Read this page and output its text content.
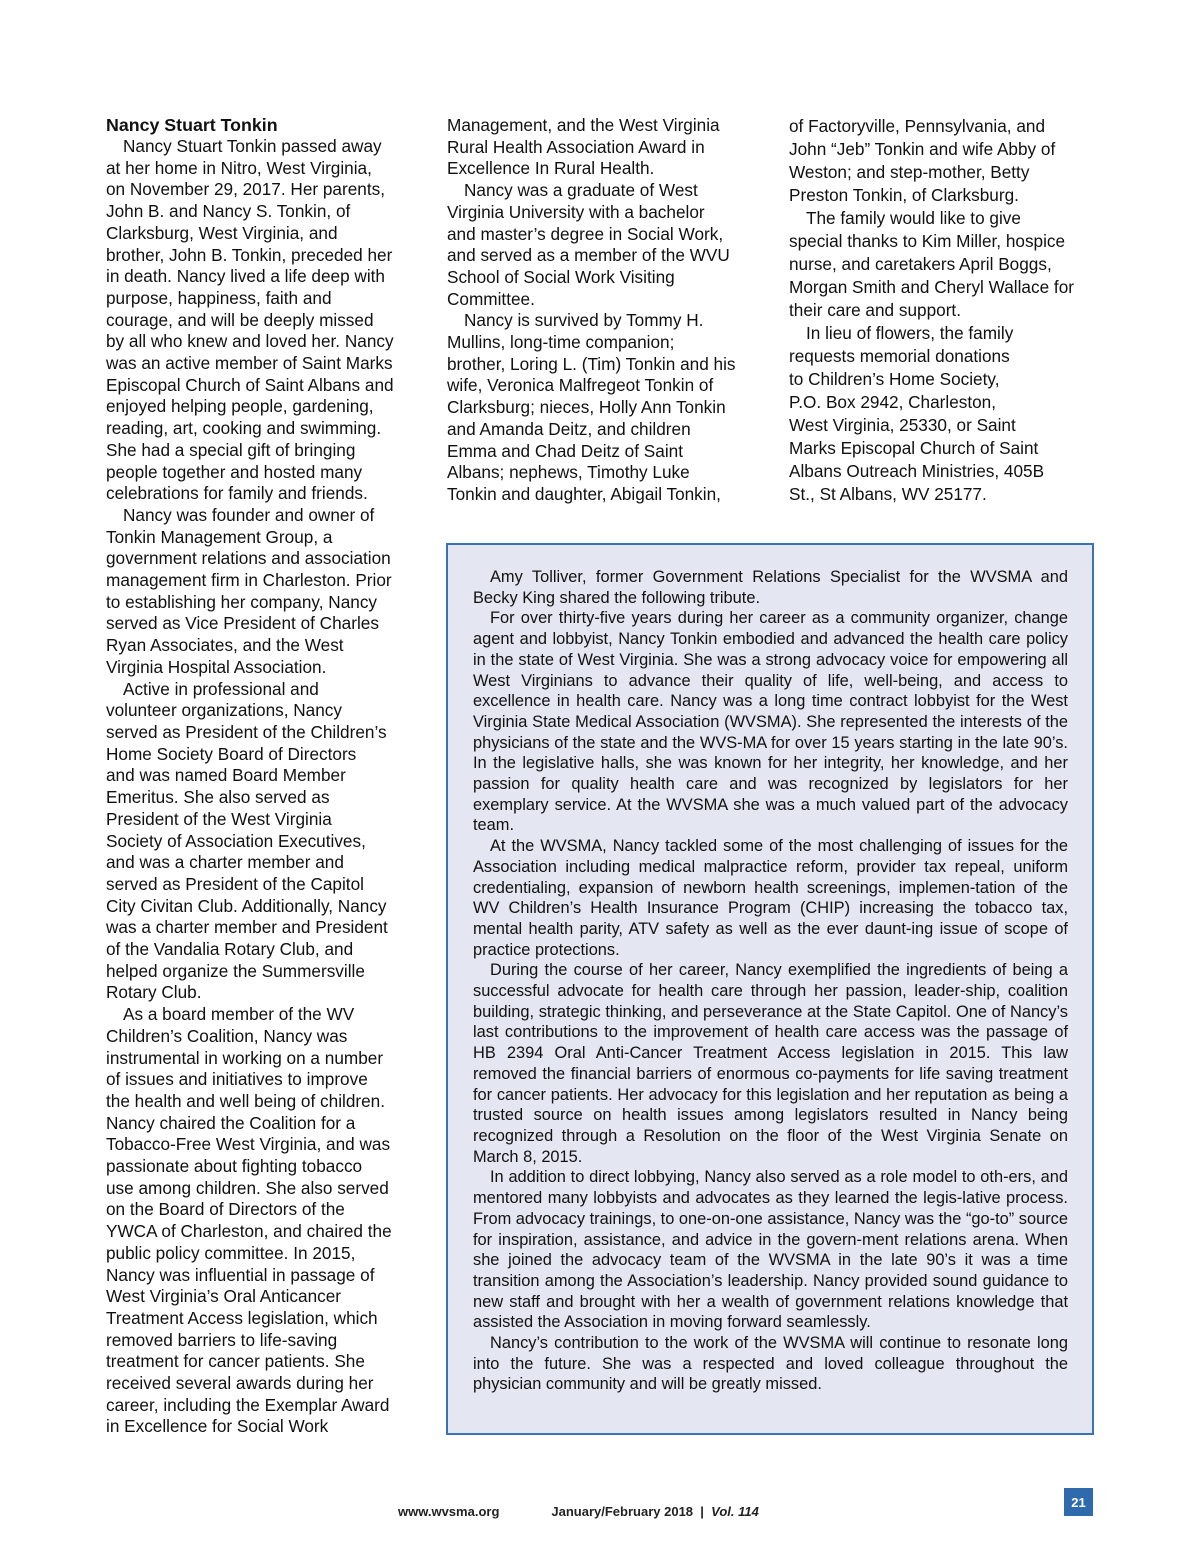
Nancy Stuart Tonkin

Nancy Stuart Tonkin passed away
at her home in Nitro, West Virginia,
on November 29, 2017. Her parents,
John B. and Nancy S. Tonkin, of
Clarksburg, West Virginia, and
brother, John B. Tonkin, preceded her
in death. Nancy lived a life deep with
purpose, happiness, faith and
courage, and will be deeply missed
by all who knew and loved her. Nancy
was an active member of Saint Marks
Episcopal Church of Saint Albans and
enjoyed helping people, gardening,
reading, art, cooking and swimming.
She had a special gift of bringing
people together and hosted many
celebrations for family and friends.

Nancy was founder and owner of
Tonkin Management Group, a
government relations and association
management firm in Charleston. Prior
to establishing her company, Nancy
served as Vice President of Charles
Ryan Associates, and the West
Virginia Hospital Association.

Active in professional and
volunteer organizations, Nancy
served as President of the Children’s
Home Society Board of Directors
and was named Board Member
Emeritus. She also served as
President of the West Virginia
Society of Association Executives,
and was a charter member and
served as President of the Capitol
City Civitan Club. Additionally, Nancy
was a charter member and President
of the Vandalia Rotary Club, and
helped organize the Summersville
Rotary Club.

As a board member of the WV
Children’s Coalition, Nancy was
instrumental in working on a number
of issues and initiatives to improve
the health and well being of children.
Nancy chaired the Coalition for a
Tobacco-Free West Virginia, and was
passionate about fighting tobacco
use among children. She also served
on the Board of Directors of the
YWCA of Charleston, and chaired the
public policy committee. In 2015,
Nancy was influential in passage of
West Virginia’s Oral Anticancer
Treatment Access legislation, which
removed barriers to life-saving
treatment for cancer patients. She
received several awards during her
career, including the Exemplar Award
in Excellence for Social Work

Management, and the West Virginia
Rural Health Association Award in
Excellence In Rural Health.

Nancy was a graduate of West
Virginia University with a bachelor
and master’s degree in Social Work,
and served as a member of the WVU
School of Social Work Visiting
Committee.

Nancy is survived by Tommy H.
Mullins, long-time companion;
brother, Loring L. (Tim) Tonkin and his
wife, Veronica Malfregeot Tonkin of
Clarksburg; nieces, Holly Ann Tonkin
and Amanda Deitz, and children
Emma and Chad Deitz of Saint
Albans; nephews, Timothy Luke
Tonkin and daughter, Abigail Tonkin,

of Factoryville, Pennsylvania, and
John “Jeb” Tonkin and wife Abby of
Weston; and step-mother, Betty
Preston Tonkin, of Clarksburg.

The family would like to give
special thanks to Kim Miller, hospice
nurse, and caretakers April Boggs,
Morgan Smith and Cheryl Wallace for
their care and support.

In lieu of flowers, the family
requests memorial donations
to Children’s Home Society,
P.O. Box 2942, Charleston,
West Virginia, 25330, or Saint
Marks Episcopal Church of Saint
Albans Outreach Ministries, 405B
St., St Albans, WV 25177.

Amy Tolliver, former Government Relations Specialist for the WVSMA and Becky King shared the following tribute.

For over thirty-five years during her career as a community organizer, change agent and lobbyist, Nancy Tonkin embodied and advanced the health care policy in the state of West Virginia. She was a strong advocacy voice for empowering all West Virginians to advance their quality of life, well-being, and access to excellence in health care. Nancy was a long time contract lobbyist for the West Virginia State Medical Association (WVSMA). She represented the interests of the physicians of the state and the WVS-MA for over 15 years starting in the late 90’s. In the legislative halls, she was known for her integrity, her knowledge, and her passion for quality health care and was recognized by legislators for her exemplary service. At the WVSMA she was a much valued part of the advocacy team.

At the WVSMA, Nancy tackled some of the most challenging of issues for the Association including medical malpractice reform, provider tax repeal, uniform credentialing, expansion of newborn health screenings, implemen-tation of the WV Children’s Health Insurance Program (CHIP) increasing the tobacco tax, mental health parity, ATV safety as well as the ever daunt-ing issue of scope of practice protections.

During the course of her career, Nancy exemplified the ingredients of being a successful advocate for health care through her passion, leader-ship, coalition building, strategic thinking, and perseverance at the State Capitol. One of Nancy’s last contributions to the improvement of health care access was the passage of HB 2394 Oral Anti-Cancer Treatment Access legislation in 2015. This law removed the financial barriers of enormous co-payments for life saving treatment for cancer patients. Her advocacy for this legislation and her reputation as being a trusted source on health issues among legislators resulted in Nancy being recognized through a Resolution on the floor of the West Virginia Senate on March 8, 2015.

In addition to direct lobbying, Nancy also served as a role model to oth-ers, and mentored many lobbyists and advocates as they learned the legis-lative process. From advocacy trainings, to one-on-one assistance, Nancy was the “go-to” source for inspiration, assistance, and advice in the govern-ment relations arena. When she joined the advocacy team of the WVSMA in the late 90’s it was a time transition among the Association’s leadership. Nancy provided sound guidance to new staff and brought with her a wealth of government relations knowledge that assisted the Association in moving forward seamlessly.

Nancy’s contribution to the work of the WVSMA will continue to resonate long into the future. She was a respected and loved colleague throughout the physician community and will be greatly missed.

www.wvsma.org	January/February 2018 | Vol. 114
21
